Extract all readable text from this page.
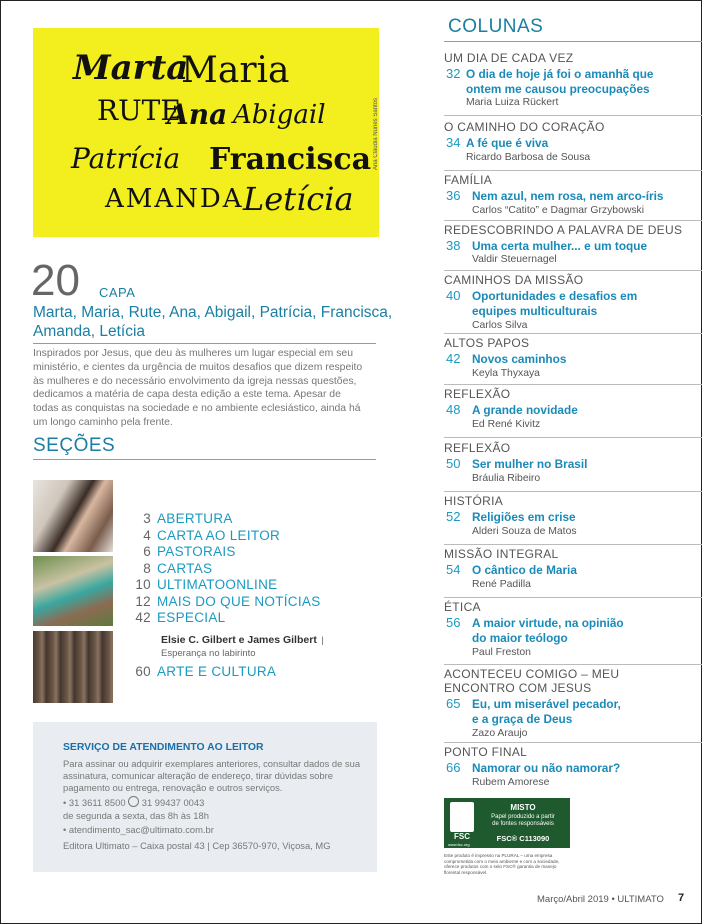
Marta
Maria
RUTE
Ana Abigail
Patrícia Francisca
AMANDA Letícia
Ana Cláudia Nunes Santos
20 CAPA
Marta, Maria, Rute, Ana, Abigail, Patrícia, Francisca,
Amanda, Letícia
Inspirados por Jesus, que deu às mulheres um lugar especial em seu
ministério, e cientes da urgência de muitos desafios que dizem respeito
às mulheres e do necessário envolvimento da igreja nessas questões,
dedicamos a matéria de capa desta edição a este tema. Apesar de
todas as conquistas na sociedade e no ambiente eclesiástico, ainda há
um longo caminho pela frente.
SEÇÕES
3 ABERTURA
4 CARTA AO LEITOR
6 PASTORAIS
8 CARTAS
10 ULTIMATOONLINE
12 MAIS DO QUE NOTÍCIAS
42 ESPECIAL
Elsie C. Gilbert e James Gilbert |
Esperança no labirinto
60 ARTE E CULTURA
SERVIÇO DE ATENDIMENTO AO LEITOR
Para assinar ou adquirir exemplares anteriores, consultar dados de sua
assinatura, comunicar alteração de endereço, tirar dúvidas sobre
pagamento ou entrega, renovação e outros serviços.
• 31 3611 8500 31 99437 0043
de segunda a sexta, das 8h às 18h
• atendimento_sac@ultimato.com.br
Editora Ultimato – Caixa postal 43 | Cep 36570-970, Viçosa, MG
COLUNAS
UM DIA DE CADA VEZ
32 O dia de hoje já foi o amanhã que
ontem me causou preocupações
Maria Luiza Rückert
O CAMINHO DO CORAÇÃO
34 A fé que é viva
Ricardo Barbosa de Sousa
FAMÍLIA
36 Nem azul, nem rosa, nem arco-íris
Carlos “Catito” e Dagmar Grzybowski
REDESCOBRINDO A PALAVRA DE DEUS
38 Uma certa mulher... e um toque
Valdir Steuernagel
CAMINHOS DA MISSÃO
40 Oportunidades e desafios em
equipes multiculturais
Carlos Silva
ALTOS PAPOS
42 Novos caminhos
Keyla Thyxaya
REFLEXÃO
48 A grande novidade
Ed René Kivitz
REFLEXÃO
50 Ser mulher no Brasil
Bráulia Ribeiro
HISTÓRIA
52 Religiões em crise
Alderi Souza de Matos
MISSÃO INTEGRAL
54 O cântico de Maria
René Padilla
ÉTICA
56 A maior virtude, na opinião
do maior teólogo
Paul Freston
ACONTECEU COMIGO – MEU
ENCONTRO COM JESUS
65 Eu, um miserável pecador,
e a graça de Deus
Zazo Araujo
PONTO FINAL
66 Namorar ou não namorar?
Rubem Amorese
FSC
www.fsc.org
MISTO
Papel produzido a partir
de fontes responsáveis
FSC® C113090
Este produto é impresso na PLURAL – uma empresa
comprometida com o meio ambiente e com a sociedade,
oferece produtos com o selo FSC® garantia de manejo
florestal responsável.
Março/Abril 2019 • ULTIMATO 7
